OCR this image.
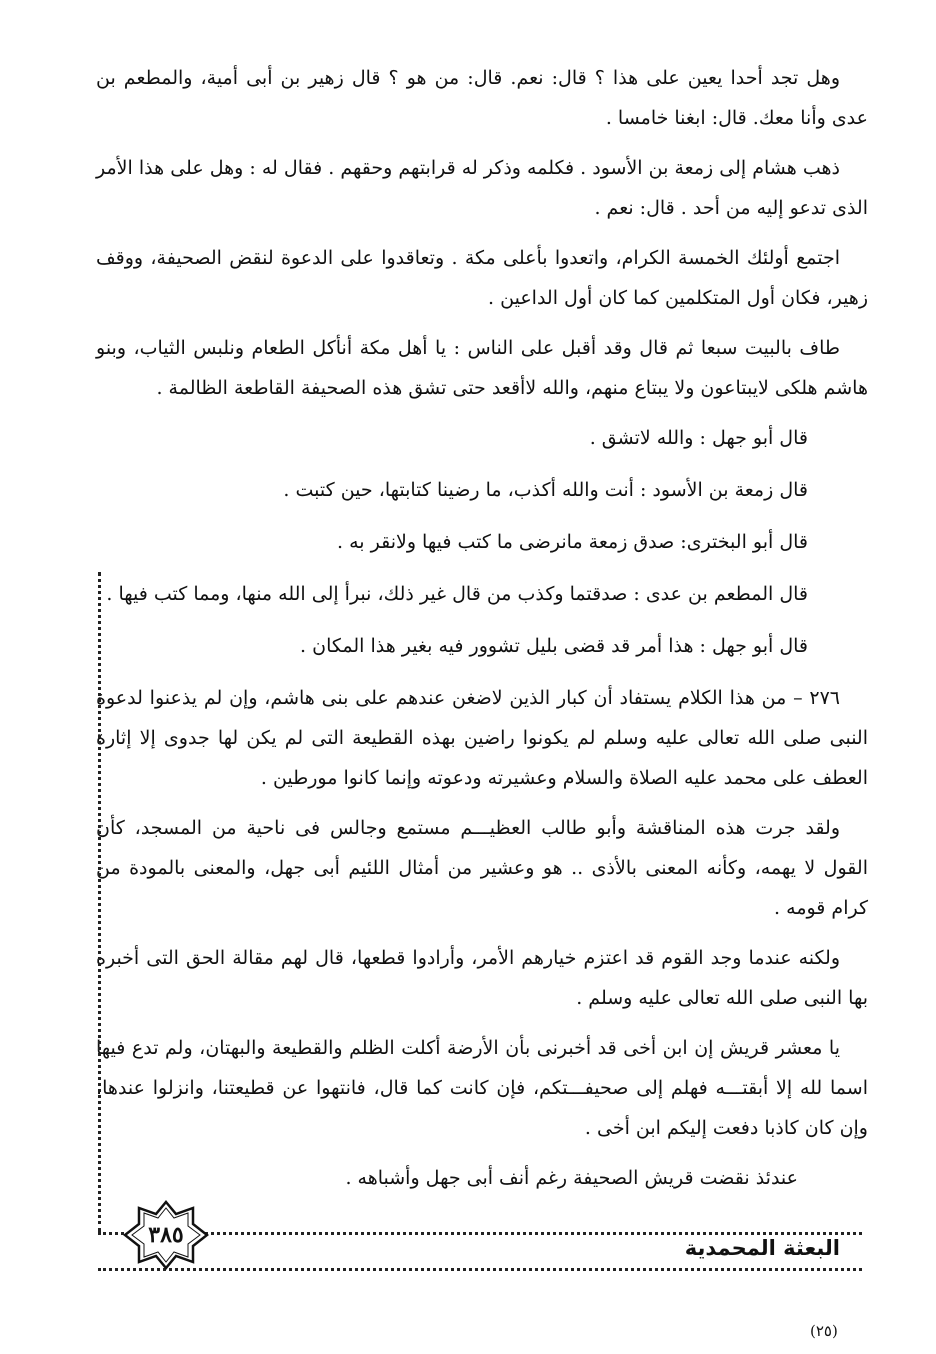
وهل تجد أحدا يعين على هذا ؟ قال: نعم. قال: من هو ؟ قال زهير بن أبى أمية، والمطعم بن عدى وأنا معك. قال: ابغنا خامسا .

ذهب هشام إلى زمعة بن الأسود . فكلمه وذكر له قرابتهم وحقهم . فقال له : وهل على هذا الأمر الذى تدعو إليه من أحد . قال: نعم .

اجتمع أولئك الخمسة الكرام، واتعدوا بأعلى مكة . وتعاقدوا على الدعوة لنقض الصحيفة، ووقف زهير، فكان أول المتكلمين كما كان أول الداعين .

طاف بالبيت سبعا ثم قال وقد أقبل على الناس : يا أهل مكة أنأكل الطعام ونلبس الثياب، وبنو هاشم هلكى لايبتاعون ولا يبتاع منهم، والله لاأقعد حتى تشق هذه الصحيفة القاطعة الظالمة .

قال أبو جهل : والله لاتشق .

قال زمعة بن الأسود : أنت والله أكذب، ما رضينا كتابتها، حين كتبت .

قال أبو البخترى: صدق زمعة مانرضى ما كتب فيها ولانقر به .

قال المطعم بن عدى : صدقتما وكذب من قال غير ذلك، نبرأ إلى الله منها، ومما كتب فيها .

قال أبو جهل : هذا أمر قد قضى بليل تشوور فيه بغير هذا المكان .

٢٧٦ – من هذا الكلام يستفاد أن كبار الذين لاضغن عندهم على بنى هاشم، وإن لم يذعنوا لدعوة النبى صلى الله تعالى عليه وسلم لم يكونوا راضين بهذه القطيعة التى لم يكن لها جدوى إلا إثارة العطف على محمد عليه الصلاة والسلام وعشيرته ودعوته وإنما كانوا مورطين .

ولقد جرت هذه المناقشة وأبو طالب العظيـــم مستمع وجالس فى ناحية من المسجد، كأن القول لا يهمه، وكأنه المعنى بالأذى .. هو وعشير من أمثال اللئيم أبى جهل، والمعنى بالمودة من كرام قومه .

ولكنه عندما وجد القوم قد اعتزم خيارهم الأمر، وأرادوا قطعها، قال لهم مقالة الحق التى أخبره بها النبى صلى الله تعالى عليه وسلم .

يا معشر قريش إن ابن أخى قد أخبرنى بأن الأرضة أكلت الظلم والقطيعة والبهتان، ولم تدع فيها اسما لله إلا أبقتـــه فهلم إلى صحيفـــتكم، فإن كانت كما قال، فانتهوا عن قطيعتنا، وانزلوا عندها، وإن كان كاذبا دفعت إليكم ابن أخى .

عندئذ نقضت قريش الصحيفة رغم أنف أبى جهل وأشباهه .

٣٨٥	البعثة المحمدية
(٢٥)
